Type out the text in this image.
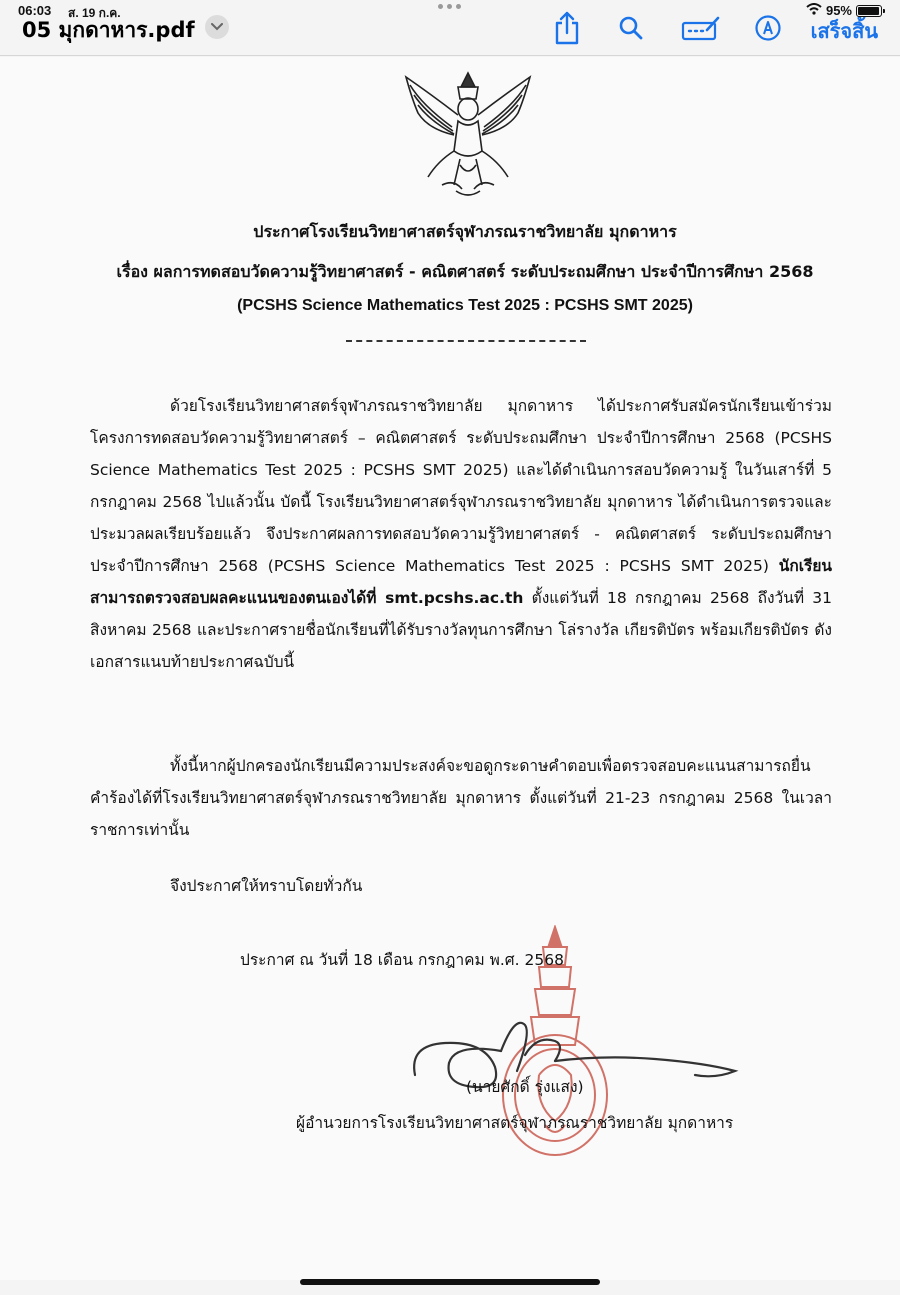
05 มุกดาหาร.pdf	เสร็จสิ้น
06:03 ส. 19 ก.ค.	95%
ประกาศโรงเรียนวิทยาศาสตร์จุฬาภรณราชวิทยาลัย มุกดาหาร
เรื่อง ผลการทดสอบวัดความรู้วิทยาศาสตร์ - คณิตศาสตร์ ระดับประถมศึกษา ประจำปีการศึกษา 2568
(PCSHS Science Mathematics Test 2025 : PCSHS SMT 2025)

ด้วยโรงเรียนวิทยาศาสตร์จุฬาภรณราชวิทยาลัย มุกดาหาร ได้ประกาศรับสมัครนักเรียนเข้าร่วมโครงการทดสอบวัดความรู้วิทยาศาสตร์ – คณิตศาสตร์ ระดับประถมศึกษา ประจำปีการศึกษา 2568 (PCSHS Science Mathematics Test 2025 : PCSHS SMT 2025) และได้ดำเนินการสอบวัดความรู้ ในวันเสาร์ที่ 5 กรกฎาคม 2568 ไปแล้วนั้น บัดนี้ โรงเรียนวิทยาศาสตร์จุฬาภรณราชวิทยาลัย มุกดาหาร ได้ดำเนินการตรวจและประมวลผลเรียบร้อยแล้ว จึงประกาศผลการทดสอบวัดความรู้วิทยาศาสตร์ - คณิตศาสตร์ ระดับประถมศึกษา ประจำปีการศึกษา 2568 (PCSHS Science Mathematics Test 2025 : PCSHS SMT 2025) นักเรียนสามารถตรวจสอบผลคะแนนของตนเองได้ที่ smt.pcshs.ac.th ตั้งแต่วันที่ 18 กรกฎาคม 2568 ถึงวันที่ 31 สิงหาคม 2568 และประกาศรายชื่อนักเรียนที่ได้รับรางวัลทุนการศึกษา โล่รางวัล เกียรติบัตร พร้อมเกียรติบัตร ดังเอกสารแนบท้ายประกาศฉบับนี้

ทั้งนี้หากผู้ปกครองนักเรียนมีความประสงค์จะขอดูกระดาษคำตอบเพื่อตรวจสอบคะแนนสามารถยื่นคำร้องได้ที่โรงเรียนวิทยาศาสตร์จุฬาภรณราชวิทยาลัย มุกดาหาร ตั้งแต่วันที่ 21-23 กรกฎาคม 2568 ในเวลาราชการเท่านั้น

จึงประกาศให้ทราบโดยทั่วกัน

ประกาศ ณ วันที่ 18 เดือน กรกฎาคม พ.ศ. 2568
(นายศักดิ์ รุ่งแสง)
ผู้อำนวยการโรงเรียนวิทยาศาสตร์จุฬาภรณราชวิทยาลัย มุกดาหาร
